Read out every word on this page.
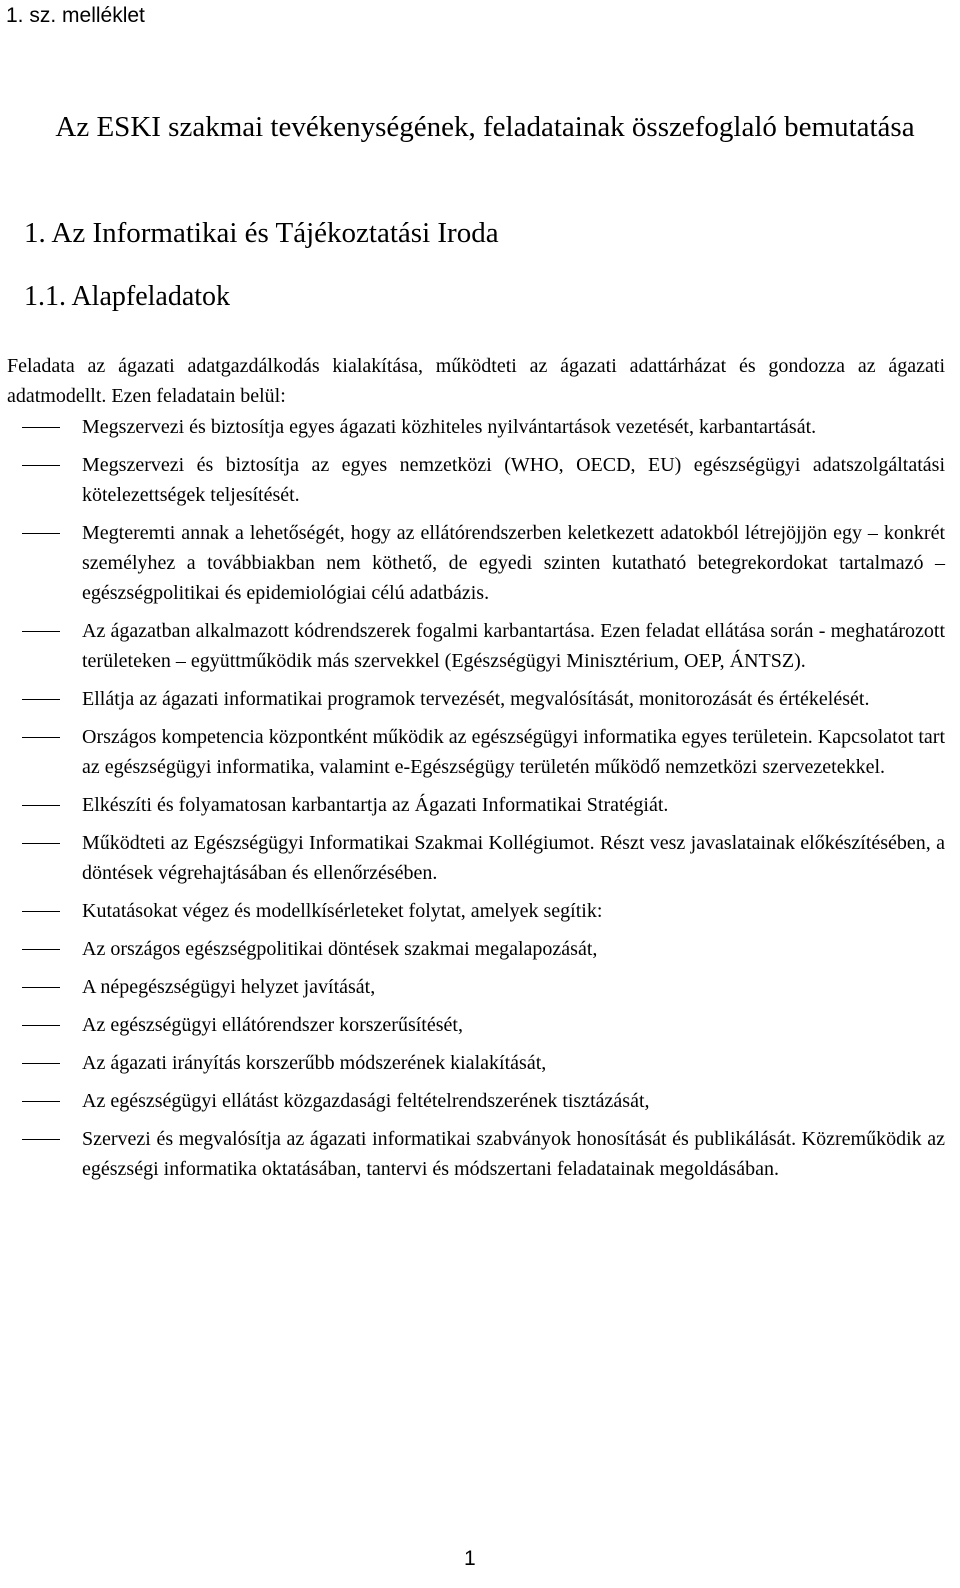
1. sz. melléklet
Az ESKI szakmai tevékenységének, feladatainak összefoglaló bemutatása
1. Az Informatikai és Tájékoztatási Iroda
1.1. Alapfeladatok
Feladata az ágazati adatgazdálkodás kialakítása, működteti az ágazati adattárházat és gondozza az ágazati adatmodellt. Ezen feladatain belül:
Megszervezi és biztosítja egyes ágazati közhiteles nyilvántartások vezetését, karbantartását.
Megszervezi és biztosítja az egyes nemzetközi (WHO, OECD, EU) egészségügyi adatszolgáltatási kötelezettségek teljesítését.
Megteremti annak a lehetőségét, hogy az ellátórendszerben keletkezett adatokból létrejöjjön egy – konkrét személyhez a továbbiakban nem köthető, de egyedi szinten kutatható betegrekordokat tartalmazó – egészségpolitikai és epidemiológiai célú adatbázis.
Az ágazatban alkalmazott kódrendszerek fogalmi karbantartása. Ezen feladat ellátása során - meghatározott területeken – együttműködik más szervekkel (Egészségügyi Minisztérium, OEP, ÁNTSZ).
Ellátja az ágazati informatikai programok tervezését, megvalósítását, monitorozását és értékelését.
Országos kompetencia központként működik az egészségügyi informatika egyes területein. Kapcsolatot tart az egészségügyi informatika, valamint e-Egészségügy területén működő nemzetközi szervezetekkel.
Elkészíti és folyamatosan karbantartja az Ágazati Informatikai Stratégiát.
Működteti az Egészségügyi Informatikai Szakmai Kollégiumot. Részt vesz javaslatainak előkészítésében, a döntések végrehajtásában és ellenőrzésében.
Kutatásokat végez és modellkísérleteket folytat, amelyek segítik:
Az országos egészségpolitikai döntések szakmai megalapozását,
A népegészségügyi helyzet javítását,
Az egészségügyi ellátórendszer korszerűsítését,
Az ágazati irányítás korszerűbb módszerének kialakítását,
Az egészségügyi ellátást közgazdasági feltételrendszerének tisztázását,
Szervezi és megvalósítja az ágazati informatikai szabványok honosítását és publikálását. Közreműködik az egészségi informatika oktatásában, tantervi és módszertani feladatainak megoldásában.
1
